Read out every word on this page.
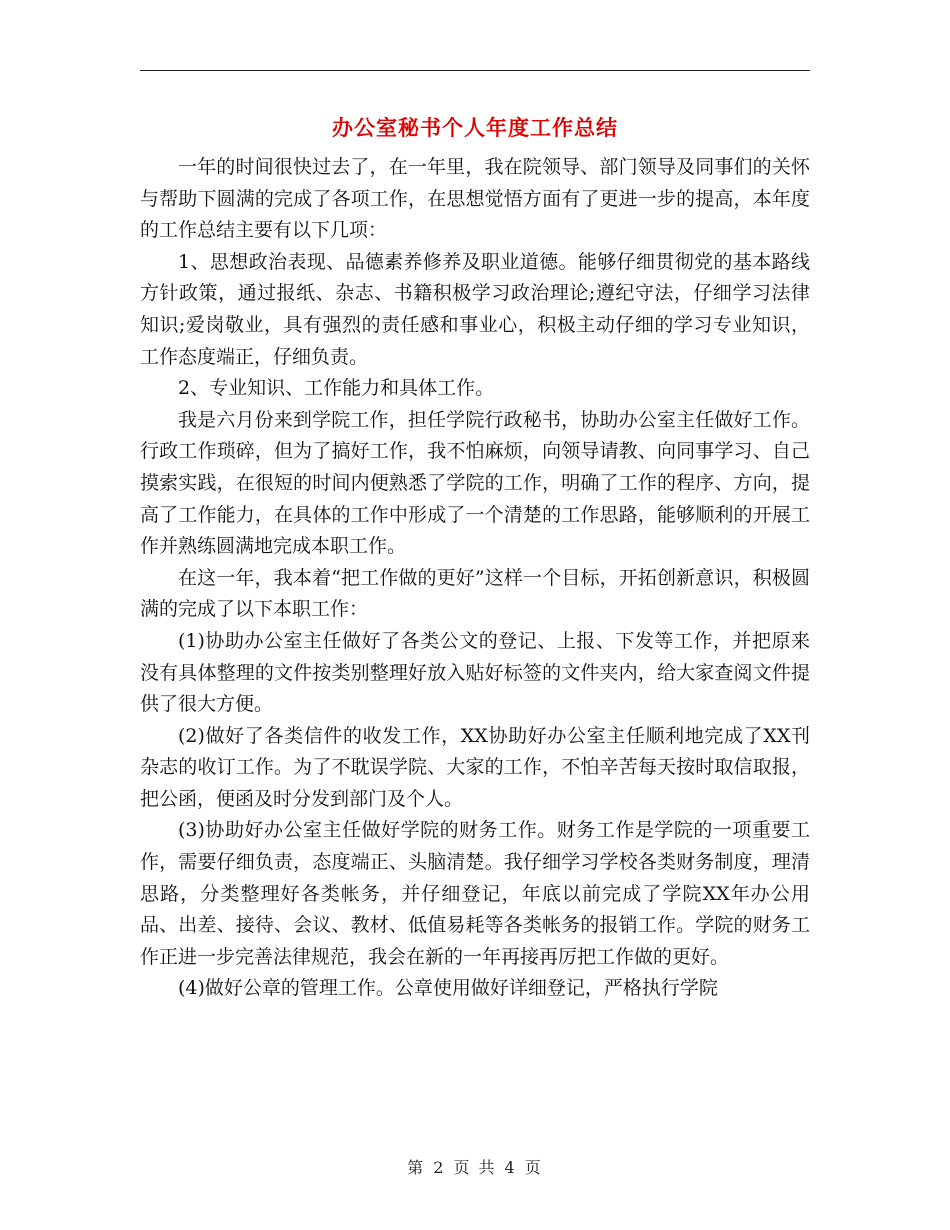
办公室秘书个人年度工作总结

一年的时间很快过去了，在一年里，我在院领导、部门领导及同事们的关怀与帮助下圆满的完成了各项工作，在思想觉悟方面有了更进一步的提高，本年度的工作总结主要有以下几项：

1、思想政治表现、品德素养修养及职业道德。能够仔细贯彻党的基本路线方针政策，通过报纸、杂志、书籍积极学习政治理论;遵纪守法，仔细学习法律知识;爱岗敬业，具有强烈的责任感和事业心，积极主动仔细的学习专业知识，工作态度端正，仔细负责。

2、专业知识、工作能力和具体工作。

我是六月份来到学院工作，担任学院行政秘书，协助办公室主任做好工作。行政工作琐碎，但为了搞好工作，我不怕麻烦，向领导请教、向同事学习、自己摸索实践，在很短的时间内便熟悉了学院的工作，明确了工作的程序、方向，提高了工作能力，在具体的工作中形成了一个清楚的工作思路，能够顺利的开展工作并熟练圆满地完成本职工作。

在这一年，我本着“把工作做的更好”这样一个目标，开拓创新意识，积极圆满的完成了以下本职工作：

(1)协助办公室主任做好了各类公文的登记、上报、下发等工作，并把原来没有具体整理的文件按类别整理好放入贴好标签的文件夹内，给大家查阅文件提供了很大方便。

(2)做好了各类信件的收发工作，XX协助好办公室主任顺利地完成了XX刊杂志的收订工作。为了不耽误学院、大家的工作，不怕辛苦每天按时取信取报，把公函，便函及时分发到部门及个人。

(3)协助好办公室主任做好学院的财务工作。财务工作是学院的一项重要工作，需要仔细负责，态度端正、头脑清楚。我仔细学习学校各类财务制度，理清思路，分类整理好各类帐务，并仔细登记，年底以前完成了学院XX年办公用品、出差、接待、会议、教材、低值易耗等各类帐务的报销工作。学院的财务工作正进一步完善法律规范，我会在新的一年再接再厉把工作做的更好。

(4)做好公章的管理工作。公章使用做好详细登记，严格执行学院

第 2 页 共 4 页
